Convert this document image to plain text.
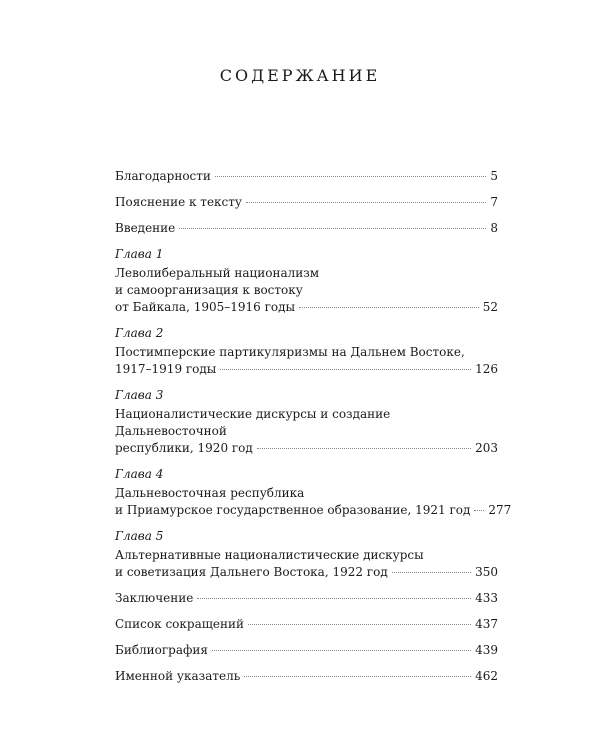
СОДЕРЖАНИЕ
Благодарности	5
Пояснение к тексту	7
Введение	8
Глава 1
Леволиберальный национализм
и самоорганизация к востоку
от Байкала, 1905–1916 годы	52
Глава 2
Постимперские партикуляризмы на Дальнем Востоке,
1917–1919 годы	126
Глава 3
Националистические дискурсы и создание Дальневосточной
республики, 1920 год	203
Глава 4
Дальневосточная республика
и Приамурское государственное образование, 1921 год 277
Глава 5
Альтернативные националистические дискурсы
и советизация Дальнего Востока, 1922 год	350
Заключение	433
Список сокращений	437
Библиография	439
Именной указатель	462
